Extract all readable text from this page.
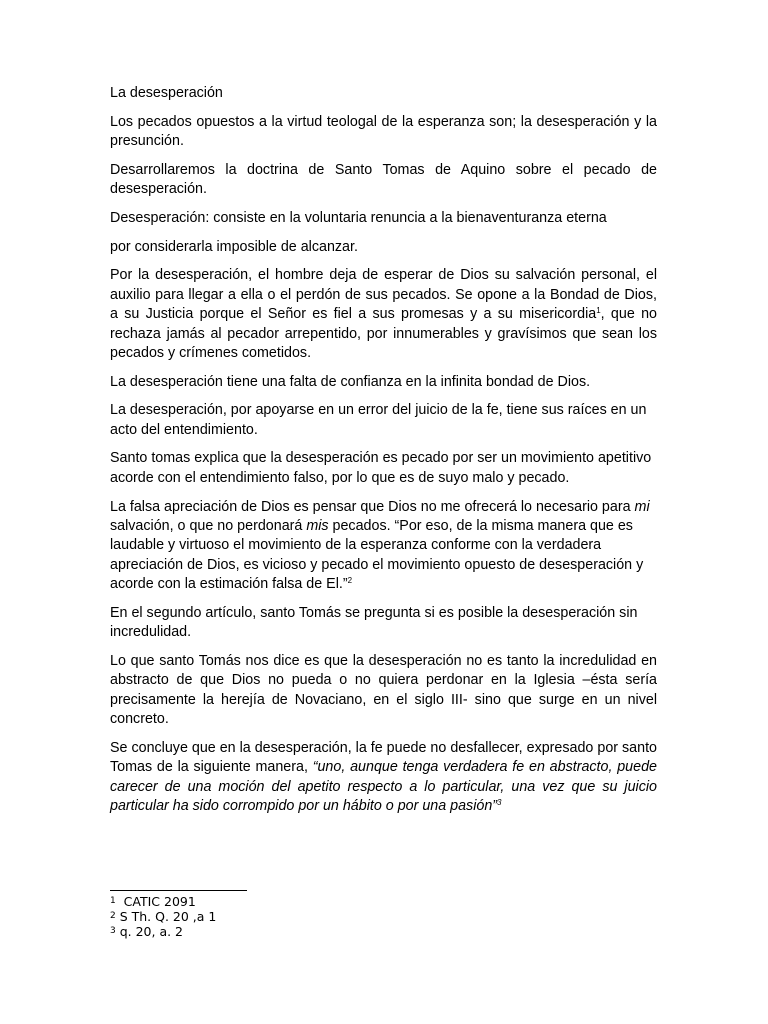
La desesperación

Los pecados opuestos a la virtud teologal de la esperanza son; la desesperación y la presunción.

Desarrollaremos la doctrina de Santo Tomas de Aquino sobre el pecado de desesperación.

Desesperación: consiste en la voluntaria renuncia a la bienaventuranza eterna

por considerarla imposible de alcanzar.

Por la desesperación, el hombre deja de esperar de Dios su salvación personal, el auxilio para llegar a ella o el perdón de sus pecados. Se opone a la Bondad de Dios, a su Justicia porque el Señor es fiel a sus promesas y a su misericordia$^1$, que no rechaza jamás al pecador arrepentido, por innumerables y gravísimos que sean los pecados y crímenes cometidos.

La desesperación tiene una falta de confianza en la infinita bondad de Dios.

La desesperación, por apoyarse en un error del juicio de la fe, tiene sus raíces en un acto del entendimiento.

Santo tomas explica que la desesperación es pecado por ser un movimiento apetitivo acorde con el entendimiento falso, por lo que es de suyo malo y pecado.

La falsa apreciación de Dios es pensar que Dios no me ofrecerá lo necesario para mi salvación, o que no perdonará mis pecados. “Por eso, de la misma manera que es laudable y virtuoso el movimiento de la esperanza conforme con la verdadera apreciación de Dios, es vicioso y pecado el movimiento opuesto de desesperación y acorde con la estimación falsa de El.”$^2$

En el segundo artículo, santo Tomás se pregunta si es posible la desesperación sin incredulidad.

Lo que santo Tomás nos dice es que la desesperación no es tanto la incredulidad en abstracto de que Dios no pueda o no quiera perdonar en la Iglesia –ésta sería precisamente la herejía de Novaciano, en el siglo III- sino que surge en un nivel concreto.

Se concluye que en la desesperación, la fe puede no desfallecer, expresado por santo Tomas de la siguiente manera, “uno, aunque tenga verdadera fe en abstracto, puede carecer de una moción del apetito respecto a lo particular, una vez que su juicio particular ha sido corrompido por un hábito o por una pasión”$^3$

$^1$  CATIC 2091
$^2$ S Th. Q. 20 ,a 1
$^3$ q. 20, a. 2
